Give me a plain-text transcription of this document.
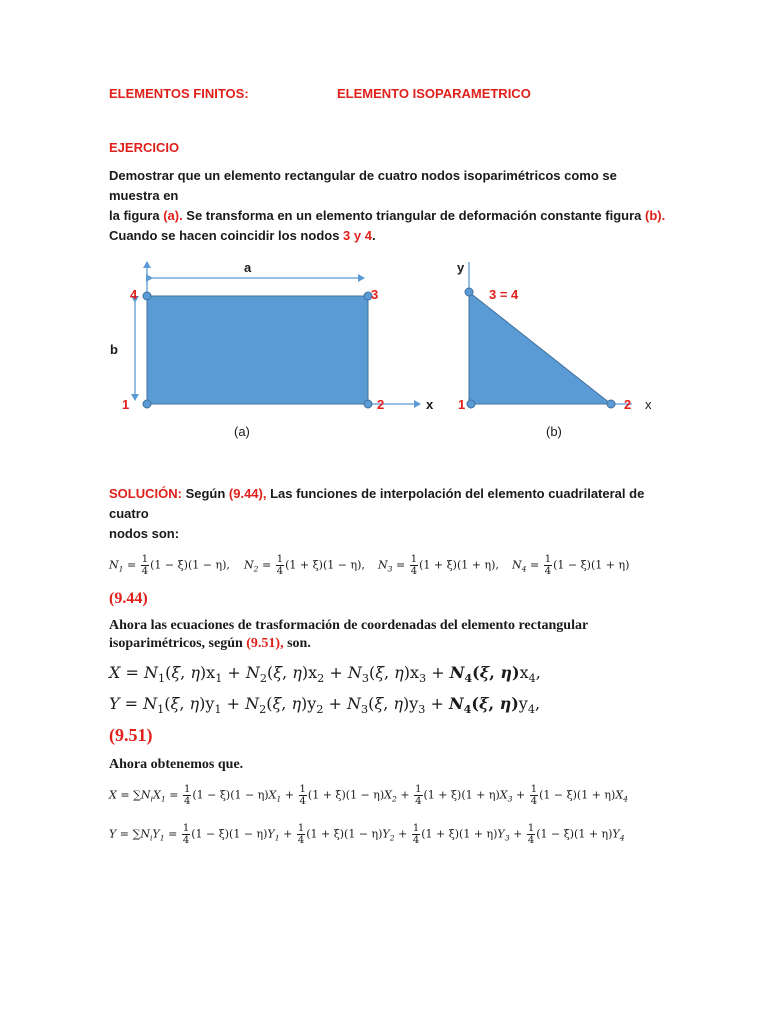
ELEMENTOS FINITOS:	ELEMENTO ISOPARAMETRICO
EJERCICIO
Demostrar que un elemento rectangular de cuatro nodos isoparimétricos como se muestra en
la figura (a). Se transforma en un elemento triangular de deformación constante figura (b).
Cuando se hacen coincidir los nodos 3 y 4.
a
b
4	3
1	2	x
(a)
y
3 = 4
1	2 x
(b)
SOLUCIÓN: Según (9.44), Las funciones de interpolación del elemento cuadrilateral de cuatro
nodos son:
$N_1 = \frac{1}{4} (1 - \xi)(1 - \eta)$, $N_2 = \frac{1}{4} (1 + \xi)(1 - \eta)$, $N_3 = \frac{1}{4} (1 + \xi)(1 + \eta)$, $N_4 = \frac{1}{4} (1 - \xi)(1 + \eta)$
(9.44)
Ahora las ecuaciones de trasformación de coordenadas del elemento rectangular
isoparimétricos, según (9.51), son.
$X = N_1(\xi$, $\eta)x_1 + N_2(\xi$, $\eta)x_2 + N_3(\xi$, $\eta)x_3 + N_4(\xi$, $\eta)x_4$,
$Y = N_1(\xi$, $\eta)y_1 + N_2(\xi$, $\eta)y_2 + N_3(\xi$, $\eta)y_3 + N_4(\xi$, $\eta)y_4$,
(9.51)
Ahora obtenemos que.
$X = \sum N_iX_1 = \frac{1}{4} (1 - \xi)(1 - \eta)X_1 + \frac{1}{4} (1 + \xi)(1 - \eta)X_2 + \frac{1}{4} (1 + \xi)(1 + \eta)X_3 + \frac{1}{4} (1 - \xi)(1 + \eta)X_4$
$Y = \sum N_iY_1 = \frac{1}{4} (1 - \xi)(1 - \eta)Y_1 + \frac{1}{4} (1 + \xi)(1 - \eta)Y_2 + \frac{1}{4} (1 + \xi)(1 + \eta)Y_3 + \frac{1}{4} (1 - \xi)(1 + \eta)Y_4$
